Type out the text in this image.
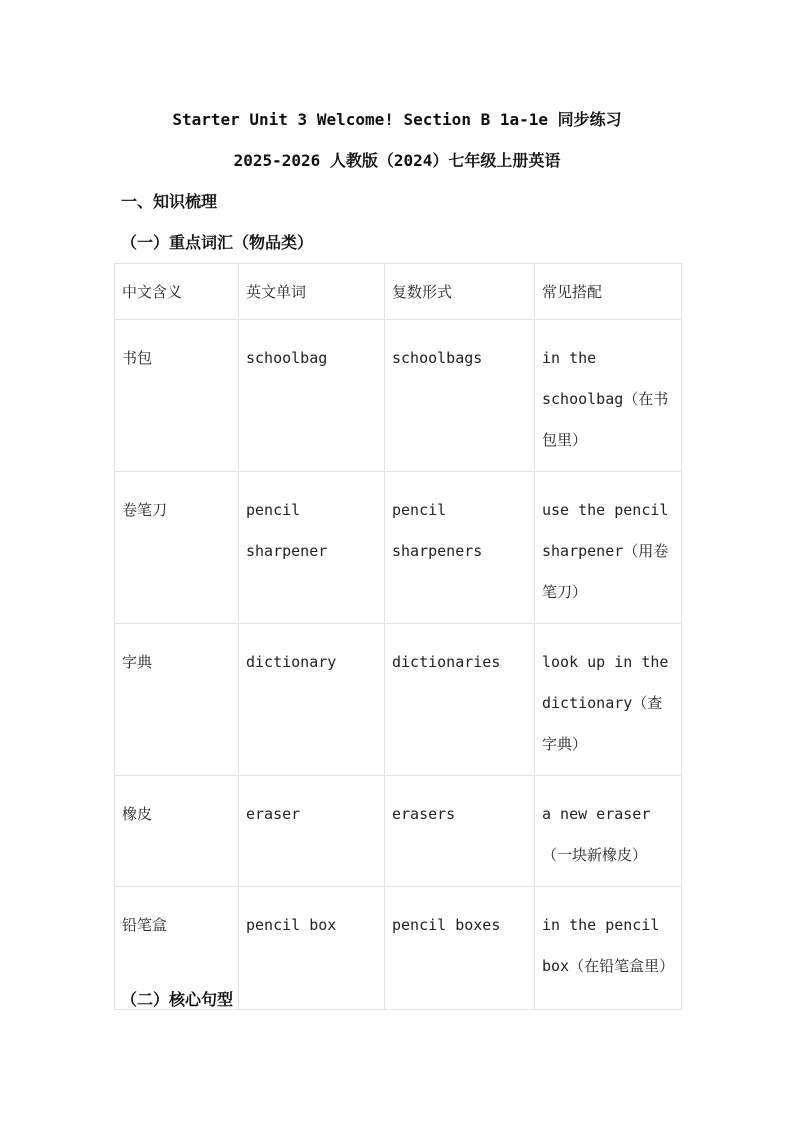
Starter Unit 3 Welcome! Section B 1a-1e 同步练习
2025-2026 人教版（2024）七年级上册英语
一、知识梳理
（一）重点词汇（物品类）
中文含义	英文单词	复数形式	常见搭配
书包	schoolbag	schoolbags	in the schoolbag（在书包里）
卷笔刀	pencil sharpener	pencil sharpeners	use the pencil sharpener（用卷笔刀）
字典	dictionary	dictionaries	look up in the dictionary（查字典）
橡皮	eraser	erasers	a new eraser（一块新橡皮）
铅笔盒	pencil box	pencil boxes	in the pencil box（在铅笔盒里）
（二）核心句型
